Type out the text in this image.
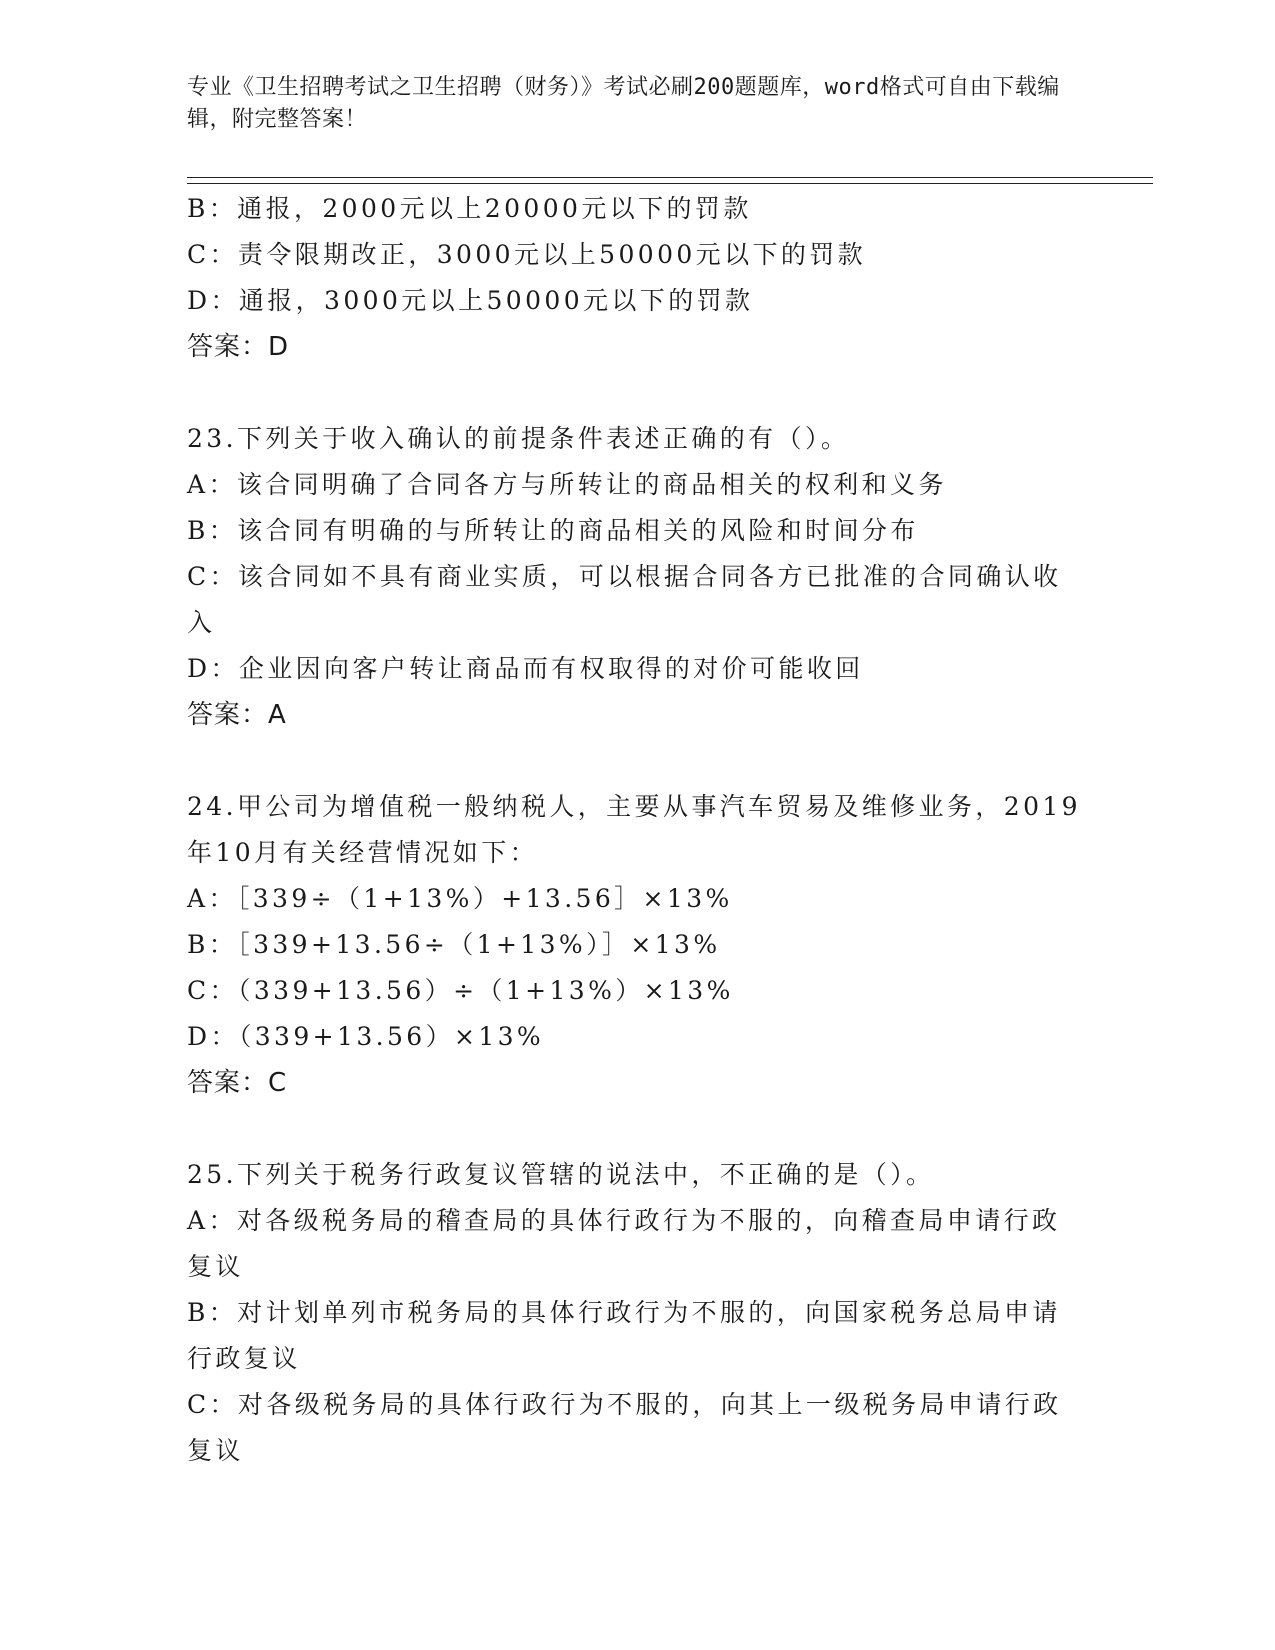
专业《卫生招聘考试之卫生招聘（财务）》考试必刷200题题库，word格式可自由下载编辑，附完整答案！
B：通报，2000元以上20000元以下的罚款
C：责令限期改正，3000元以上50000元以下的罚款
D：通报，3000元以上50000元以下的罚款
答案：D
23.下列关于收入确认的前提条件表述正确的有（）。
A：该合同明确了合同各方与所转让的商品相关的权利和义务
B：该合同有明确的与所转让的商品相关的风险和时间分布
C：该合同如不具有商业实质，可以根据合同各方已批准的合同确认收入
D：企业因向客户转让商品而有权取得的对价可能收回
答案：A
24.甲公司为增值税一般纳税人，主要从事汽车贸易及维修业务，2019年10月有关经营情况如下：
A：［339÷（1+13%）+13.56］×13%
B：［339+13.56÷（1+13%）］×13%
C：（339+13.56）÷（1+13%）×13%
D：（339+13.56）×13%
答案：C
25.下列关于税务行政复议管辖的说法中，不正确的是（）。
A：对各级税务局的稽查局的具体行政行为不服的，向稽查局申请行政复议
B：对计划单列市税务局的具体行政行为不服的，向国家税务总局申请行政复议
C：对各级税务局的具体行政行为不服的，向其上一级税务局申请行政复议
